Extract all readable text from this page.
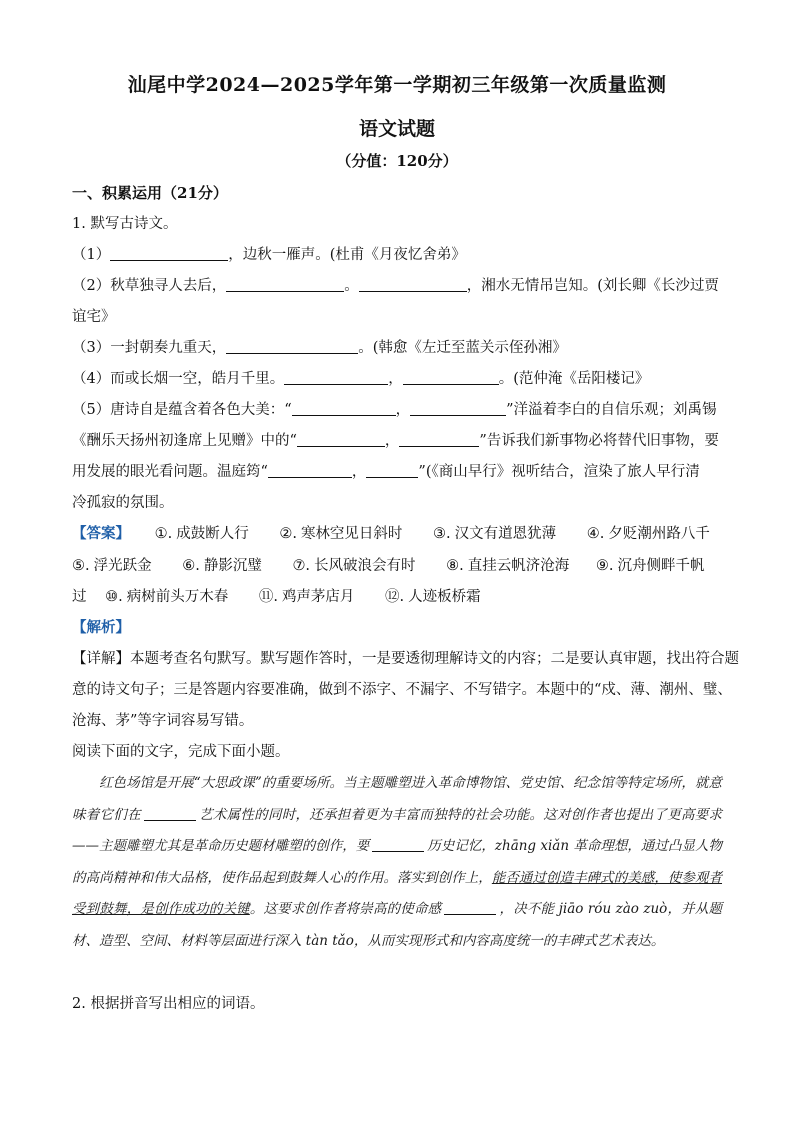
汕尾中学2024—2025学年第一学期初三年级第一次质量监测
语文试题
（分值：120分）
一、积累运用（21分）
1. 默写古诗文。
（1）	，边秋一雁声。(杜甫《月夜忆舍弟》
（2）秋草独寻人去后，	。	，湘水无情吊岂知。(刘长卿《长沙过贾
谊宅》
（3）一封朝奏九重天，	。(韩愈《左迁至蓝关示侄孙湘》
（4）而或长烟一空，皓月千里。	，	。(范仲淹《岳阳楼记》
（5）唐诗自是蕴含着各色大美：“	，	”洋溢着李白的自信乐观；刘禹锡
《酬乐天扬州初逢席上见赠》中的“	，	”告诉我们新事物必将替代旧事物，要
用发展的眼光看问题。温庭筠“	，	”(《商山早行》视听结合，渲染了旅人早行清
冷孤寂的氛围。
【答案】 ①. 成鼓断人行 ②. 寒林空见日斜时 ③. 汉文有道恩犹薄 ④. 夕贬潮州路八千
⑤. 浮光跃金 ⑥. 静影沉璧 ⑦. 长风破浪会有时 ⑧. 直挂云帆济沧海 ⑨. 沉舟侧畔千帆
过 ⑩. 病树前头万木春 ⑪. 鸡声茅店月 ⑫. 人迹板桥霜
【解析】
【详解】本题考查名句默写。默写题作答时，一是要透彻理解诗文的内容；二是要认真审题，找出符合题
意的诗文句子；三是答题内容要准确，做到不添字、不漏字、不写错字。本题中的“戍、薄、潮州、璧、
沧海、茅”等字词容易写错。
阅读下面的文字，完成下面小题。

红色场馆是开展“大思政课”的重要场所。当主题雕塑进入革命博物馆、党史馆、纪念馆等特定场所，就意味着它们在	艺术属性的同时，还承担着更为丰富而独特的社会功能。这对创作者也提出了更高要求——主题雕塑尤其是革命历史题材雕塑的创作，要	历史记忆，zhāng xiǎn 革命理想，通过凸显人物的高尚精神和伟大品格，使作品起到鼓舞人心的作用。落实到创作上，能否通过创造丰碑式的美感，使参观者受到鼓舞，是创作成功的关键。这要求创作者将崇高的使命感	，决不能 jiāo róu zào zuò，并从题材、造型、空间、材料等层面进行深入 tàn tǎo，从而实现形式和内容高度统一的丰碑式艺术表达。

2. 根据拼音写出相应的词语。
